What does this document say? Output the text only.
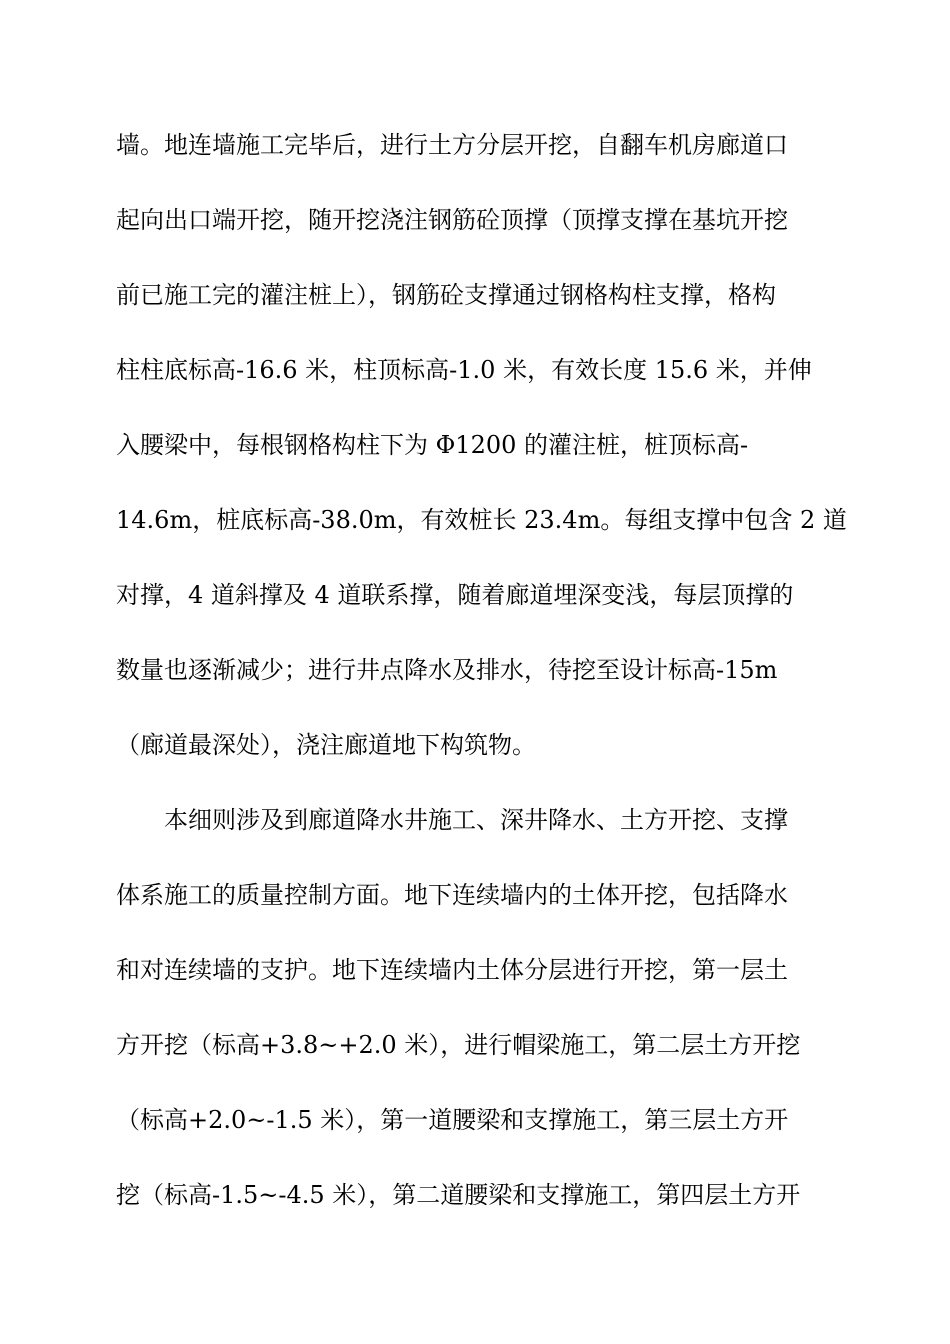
墙。地连墙施工完毕后，进行土方分层开挖，自翻车机房廊道口
起向出口端开挖，随开挖浇注钢筋砼顶撑（顶撑支撑在基坑开挖
前已施工完的灌注桩上），钢筋砼支撑通过钢格构柱支撑，格构
柱柱底标高-16.6 米，柱顶标高-1.0 米，有效长度 15.6 米，并伸
入腰梁中，每根钢格构柱下为 Φ1200 的灌注桩，桩顶标高-
14.6m，桩底标高-38.0m，有效桩长 23.4m。每组支撑中包含 2 道
对撑，4 道斜撑及 4 道联系撑，随着廊道埋深变浅，每层顶撑的
数量也逐渐减少；进行井点降水及排水，待挖至设计标高-15m
（廊道最深处），浇注廊道地下构筑物。
本细则涉及到廊道降水井施工、深井降水、土方开挖、支撑
体系施工的质量控制方面。地下连续墙内的土体开挖，包括降水
和对连续墙的支护。地下连续墙内土体分层进行开挖，第一层土
方开挖（标高+3.8~+2.0 米），进行帽梁施工，第二层土方开挖
（标高+2.0~-1.5 米），第一道腰梁和支撑施工，第三层土方开
挖（标高-1.5~-4.5 米），第二道腰梁和支撑施工，第四层土方开
